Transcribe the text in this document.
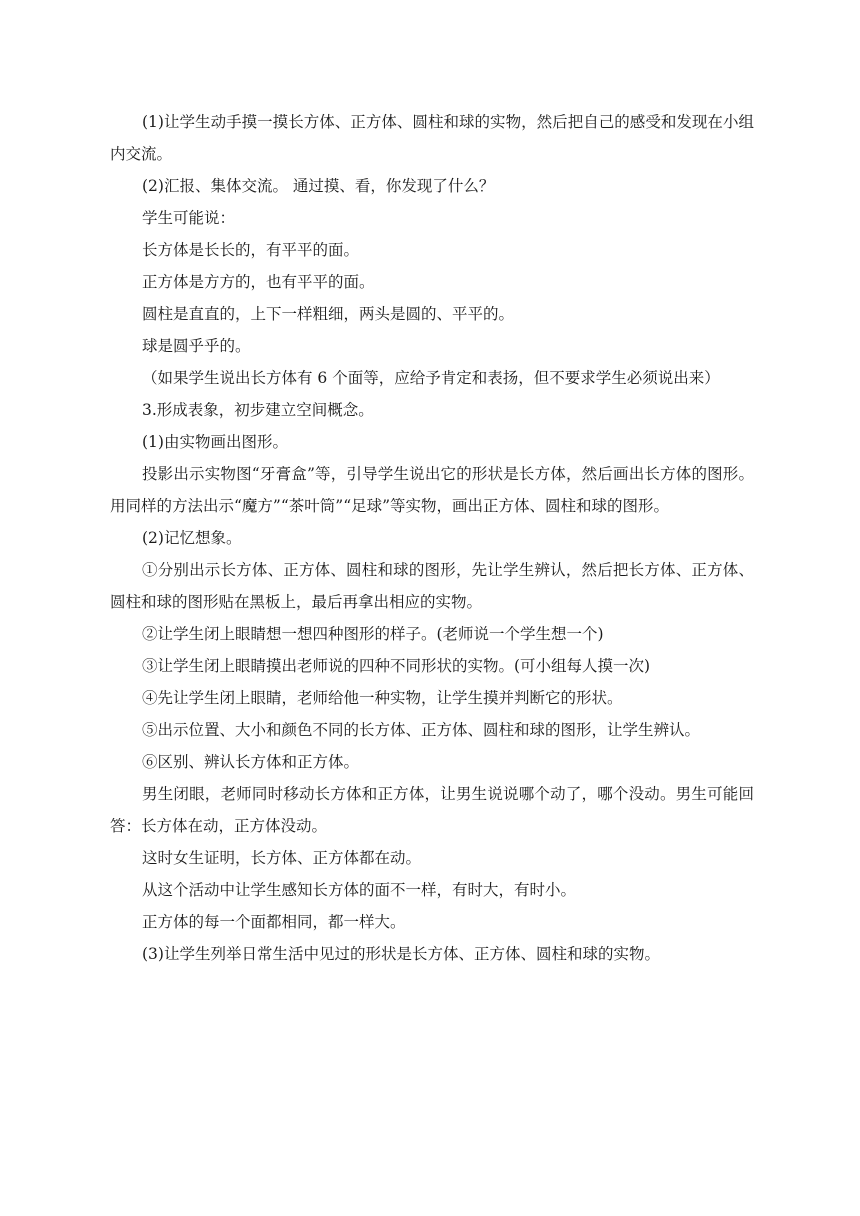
(1)让学生动手摸一摸长方体、正方体、圆柱和球的实物，然后把自己的感受和发现在小组内交流。

(2)汇报、集体交流。 通过摸、看，你发现了什么？

学生可能说：

长方体是长长的，有平平的面。

正方体是方方的，也有平平的面。

圆柱是直直的，上下一样粗细，两头是圆的、平平的。

球是圆乎乎的。

（如果学生说出长方体有 6 个面等，应给予肯定和表扬，但不要求学生必须说出来）

3.形成表象，初步建立空间概念。

(1)由实物画出图形。

投影出示实物图“牙膏盒”等，引导学生说出它的形状是长方体，然后画出长方体的图形。 用同样的方法出示“魔方”“茶叶筒”“足球”等实物，画出正方体、圆柱和球的图形。

(2)记忆想象。

①分别出示长方体、正方体、圆柱和球的图形，先让学生辨认，然后把长方体、正方体、圆柱和球的图形贴在黑板上，最后再拿出相应的实物。

②让学生闭上眼睛想一想四种图形的样子。(老师说一个学生想一个)

③让学生闭上眼睛摸出老师说的四种不同形状的实物。(可小组每人摸一次)

④先让学生闭上眼睛，老师给他一种实物，让学生摸并判断它的形状。

⑤出示位置、大小和颜色不同的长方体、正方体、圆柱和球的图形，让学生辨认。

⑥区别、辨认长方体和正方体。

男生闭眼，老师同时移动长方体和正方体，让男生说说哪个动了，哪个没动。男生可能回答：长方体在动，正方体没动。

这时女生证明，长方体、正方体都在动。

从这个活动中让学生感知长方体的面不一样，有时大，有时小。

正方体的每一个面都相同，都一样大。

(3)让学生列举日常生活中见过的形状是长方体、正方体、圆柱和球的实物。
